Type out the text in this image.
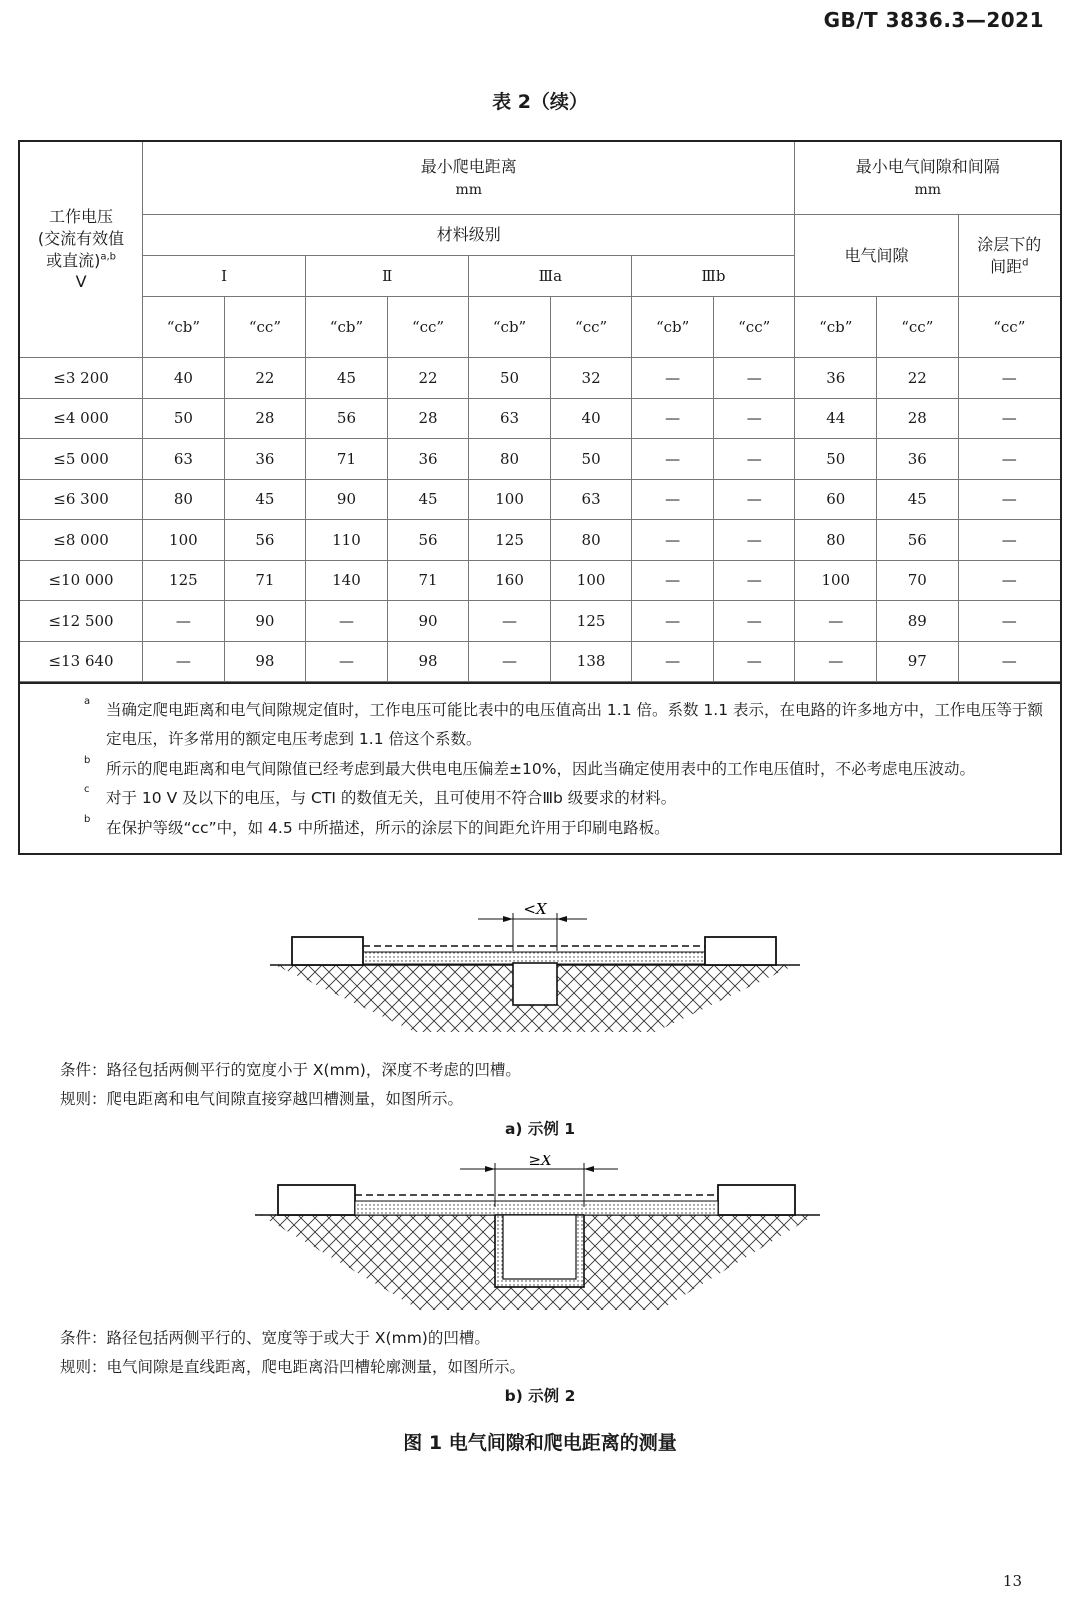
GB/T 3836.3—2021
表 2（续）
工作电压
(交流有效值
或直流)$^{a,b}$
V	最小爬电距离
mm								最小电气间隙和间隔
mm		
	材料级别								电气间隙		涂层下的
间距$^d$
	Ⅰ		Ⅱ		Ⅲa		Ⅲb				
	“cb”	“cc”	“cb”	“cc”	“cb”	“cc”	“cb”	“cc”	“cb”	“cc”	“cc”
≤3 200	40	22	45	22	50	32	—	—	36	22	—
≤4 000	50	28	56	28	63	40	—	—	44	28	—
≤5 000	63	36	71	36	80	50	—	—	50	36	—
≤6 300	80	45	90	45	100	63	—	—	60	45	—
≤8 000	100	56	110	56	125	80	—	—	80	56	—
≤10 000	125	71	140	71	160	100	—	—	100	70	—
≤12 500	—	90	—	90	—	125	—	—	—	89	—
≤13 640	—	98	—	98	—	138	—	—	—	97	—
a 当确定爬电距离和电气间隙规定值时，工作电压可能比表中的电压值高出 1.1 倍。系数 1.1 表示，在电路的许多地方中，工作电压等于额定电压，许多常用的额定电压考虑到 1.1 倍这个系数。
b 所示的爬电距离和电气间隙值已经考虑到最大供电电压偏差±10%，因此当确定使用表中的工作电压值时，不必考虑电压波动。
c 对于 10 V 及以下的电压，与 CTI 的数值无关，且可使用不符合Ⅲb 级要求的材料。
b 在保护等级“cc”中，如 4.5 中所描述，所示的涂层下的间距允许用于印刷电路板。
<X
条件：路径包括两侧平行的宽度小于 X(mm)，深度不考虑的凹槽。
规则：爬电距离和电气间隙直接穿越凹槽测量，如图所示。
a) 示例 1
≥X
条件：路径包括两侧平行的、宽度等于或大于 X(mm)的凹槽。
规则：电气间隙是直线距离，爬电距离沿凹槽轮廓测量，如图所示。
b) 示例 2
图 1 电气间隙和爬电距离的测量
13
